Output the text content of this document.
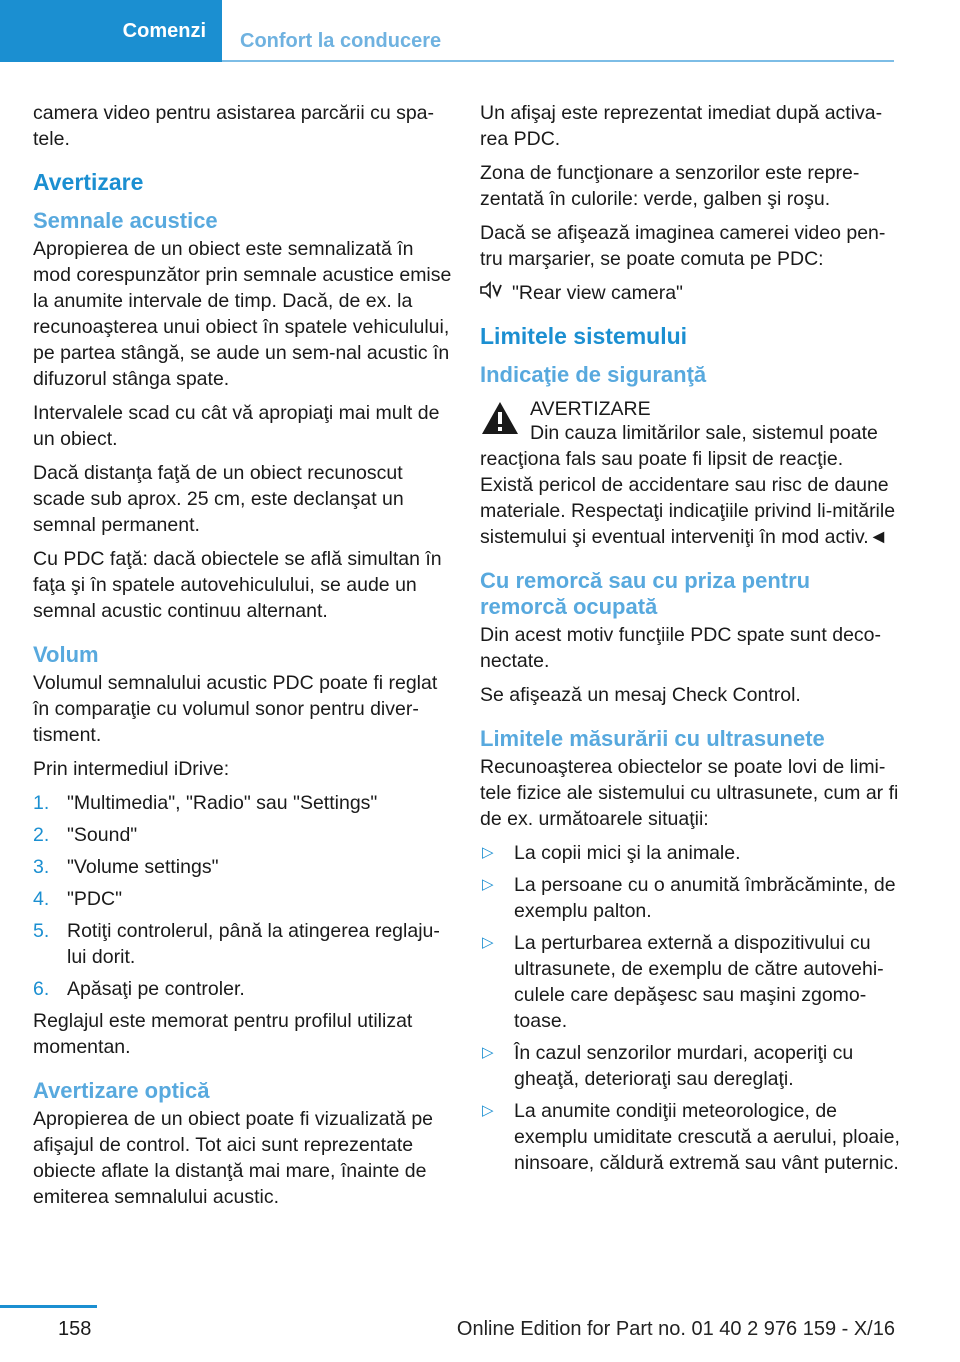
Comenzi	Confort la conducere

camera video pentru asistarea parcării cu spa‐tele.

Avertizare
Semnale acustice

Apropierea de un obiect este semnalizată în mod corespunzător prin semnale acustice emise la anumite intervale de timp. Dacă, de ex. la recunoaşterea unui obiect în spatele vehiculului, pe partea stângă, se aude un sem‐nal acustic în difuzorul stânga spate.

Intervalele scad cu cât vă apropiaţi mai mult de un obiect.

Dacă distanţa faţă de un obiect recunoscut scade sub aprox. 25 cm, este declanşat un semnal permanent.

Cu PDC faţă: dacă obiectele se află simultan în faţa şi în spatele autovehiculului, se aude un semnal acustic continuu alternant.

Volum

Volumul semnalului acustic PDC poate fi reglat în comparaţie cu volumul sonor pentru diver‐tisment.

Prin intermediul iDrive:

1. "Multimedia", "Radio" sau "Settings"
2. "Sound"
3. "Volume settings"
4. "PDC"
5. Rotiţi controlerul, până la atingerea reglaju‐lui dorit.
6. Apăsaţi pe controler.

Reglajul este memorat pentru profilul utilizat momentan.

Avertizare optică

Apropierea de un obiect poate fi vizualizată pe afişajul de control. Tot aici sunt reprezentate obiecte aflate la distanţă mai mare, înainte de emiterea semnalului acustic.

Un afişaj este reprezentat imediat după activa‐rea PDC.

Zona de funcţionare a senzorilor este repre‐zentată în culorile: verde, galben şi roşu.

Dacă se afişează imaginea camerei video pen‐tru marşarier, se poate comuta pe PDC:

"Rear view camera"
Limitele sistemului
Indicaţie de siguranţă
AVERTIZARE

Din cauza limitărilor sale, sistemul poate reacţiona fals sau poate fi lipsit de reacţie. Există pericol de accidentare sau risc de daune materiale. Respectaţi indicaţiile privind li‐mitările sistemului şi eventual interveniţi în mod activ.◄

Cu remorcă sau cu priza pentru remorcă ocupată

Din acest motiv funcţiile PDC spate sunt deco‐nectate.

Se afişează un mesaj Check Control.

Limitele măsurării cu ultrasunete

Recunoaşterea obiectelor se poate lovi de limi‐tele fizice ale sistemului cu ultrasunete, cum ar fi de ex. următoarele situaţii:

▷ La copii mici şi la animale.
▷ La persoane cu o anumită îmbrăcăminte, de exemplu palton.
▷ La perturbarea externă a dispozitivului cu ultrasunete, de exemplu de către autovehi‐culele care depăşesc sau maşini zgomo‐toase.
▷ În cazul senzorilor murdari, acoperiţi cu gheaţă, deterioraţi sau dereglaţi.
▷ La anumite condiţii meteorologice, de exemplu umiditate crescută a aerului, ploaie, ninsoare, căldură extremă sau vânt puternic.
158	Online Edition for Part no. 01 40 2 976 159 - X/16
